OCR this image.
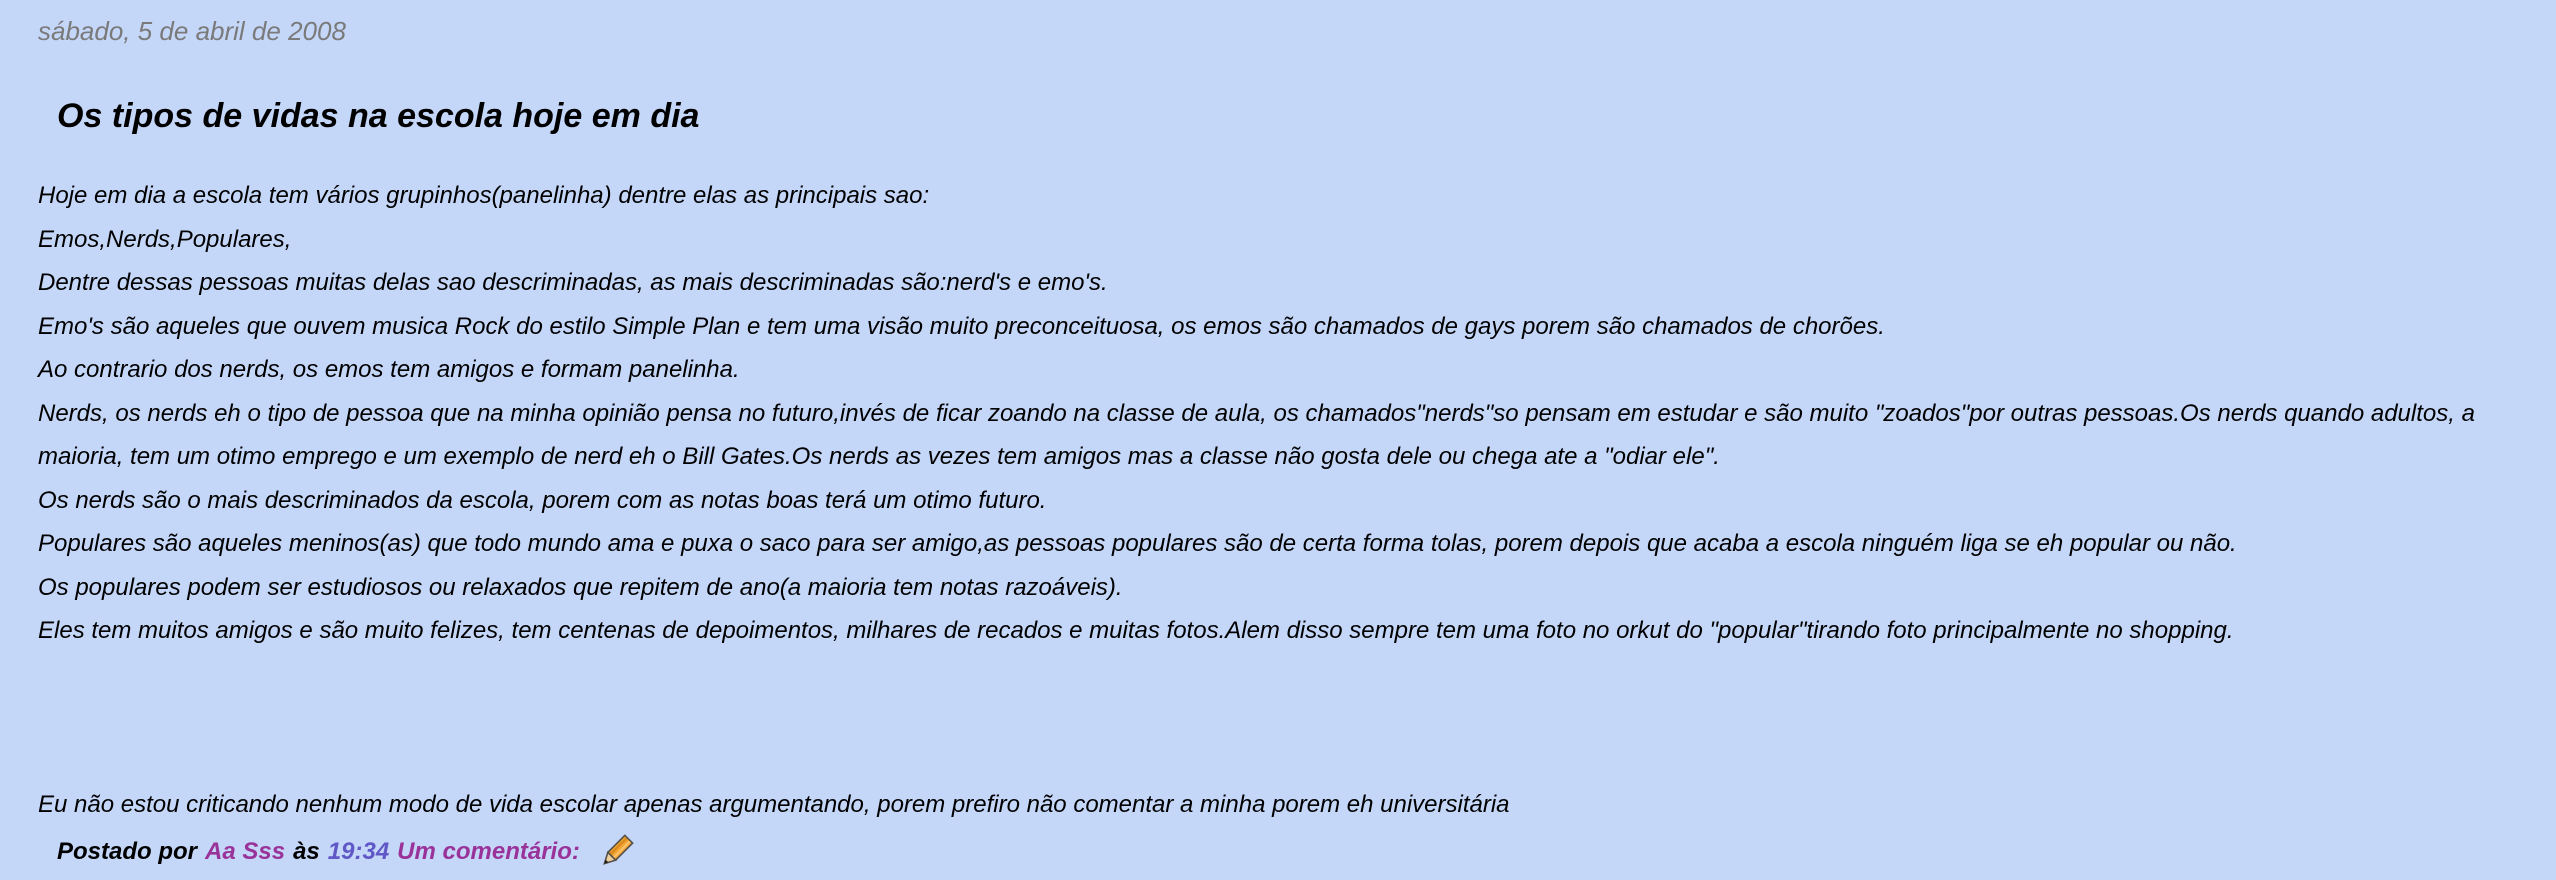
sábado, 5 de abril de 2008
Os tipos de vidas na escola hoje em dia
Hoje em dia a escola tem vários grupinhos(panelinha) dentre elas as principais sao:
Emos,Nerds,Populares,
Dentre dessas pessoas muitas delas sao descriminadas, as mais descriminadas são:nerd's e emo's.
Emo's são aqueles que ouvem musica Rock do estilo Simple Plan e tem uma visão muito preconceituosa, os emos são chamados de gays porem são chamados de chorões.
Ao contrario dos nerds, os emos tem amigos e formam panelinha.
Nerds, os nerds eh o tipo de pessoa que na minha opinião pensa no futuro,invés de ficar zoando na classe de aula, os chamados"nerds"so pensam em estudar e são muito "zoados"por outras pessoas.Os nerds quando adultos, a maioria, tem um otimo emprego e um exemplo de nerd eh o Bill Gates.Os nerds as vezes tem amigos mas a classe não gosta dele ou chega ate a "odiar ele".
Os nerds são o mais descriminados da escola, porem com as notas boas terá um otimo futuro.
Populares são aqueles meninos(as) que todo mundo ama e puxa o saco para ser amigo,as pessoas populares são de certa forma tolas, porem depois que acaba a escola ninguém liga se eh popular ou não.
Os populares podem ser estudiosos ou relaxados que repitem de ano(a maioria tem notas razoáveis).
Eles tem muitos amigos e são muito felizes, tem centenas de depoimentos, milhares de recados e muitas fotos.Alem disso sempre tem uma foto no orkut do "popular"tirando foto principalmente no shopping.
Eu não estou criticando nenhum modo de vida escolar apenas argumentando, porem prefiro não comentar a minha porem eh universitária
Postado por Aa Sss às 19:34 Um comentário:
